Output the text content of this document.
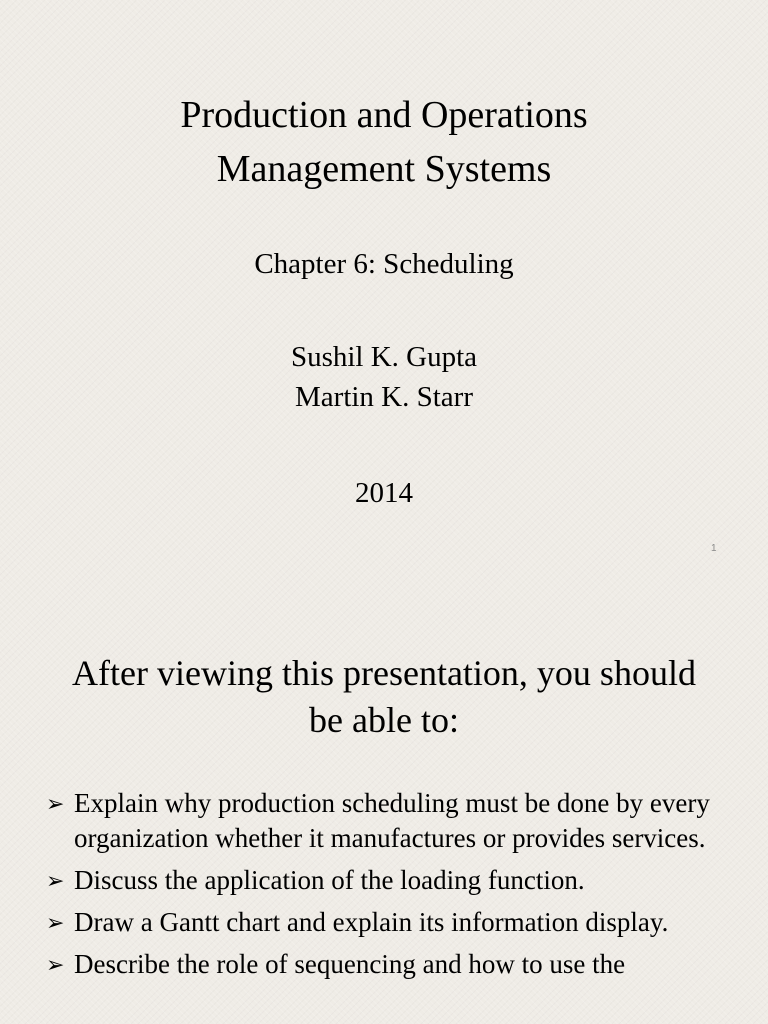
Production and Operations
Management Systems
Chapter 6: Scheduling
Sushil K. Gupta
Martin K. Starr
2014
1
After viewing this presentation, you should
be able to:
➢ Explain why production scheduling must be done by every organization whether it manufactures or provides services.
➢ Discuss the application of the loading function.
➢ Draw a Gantt chart and explain its information display.
➢ Describe the role of sequencing and how to use the
